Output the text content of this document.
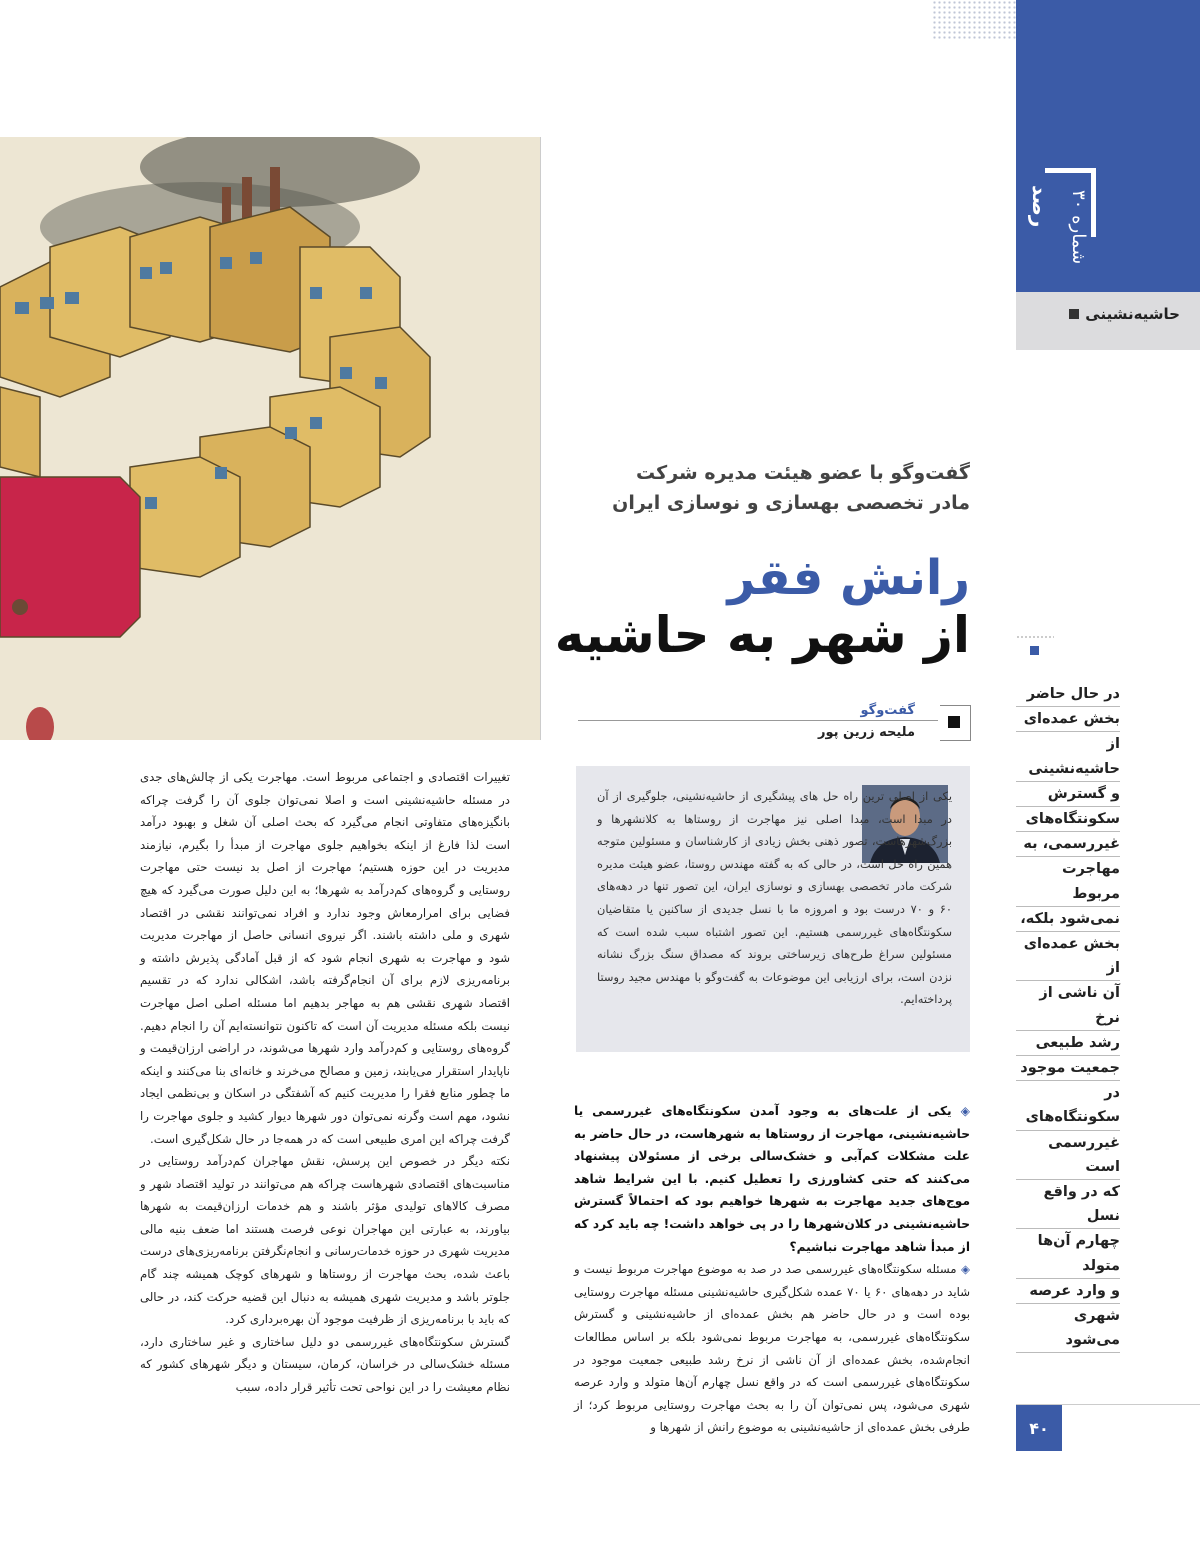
رصد شماره ۳۰
حاشیه‌نشینی
گفت‌وگو با عضو هیئت مدیره شرکت
مادر تخصصی بهسازی و نوسازی ایران
رانش فقر
از شهر به حاشیه
گفت‌وگو
ملیحه زرین پور
در حال حاضر
بخش عمده‌ای
از حاشیه‌نشینی
و گسترش
سکونتگاه‌های
غیررسمی، به
مهاجرت مربوط
نمی‌شود بلکه،
بخش عمده‌ای از
آن ناشی از نرخ
رشد طبیعی
جمعیت موجود
در سکونتگاه‌های
غیررسمی است
که در واقع نسل
چهارم آن‌ها متولد
و وارد عرصه
شهری می‌شود

یکی از اصلی ترین راه حل های پیشگیری از حاشیه‌نشینی، جلوگیری از آن در مبدا است، مبدا اصلی نیز مهاجرت از روستاها به کلانشهرها و بزرگ‌شهرهاست، تصور ذهنی بخش زیادی از کارشناسان و مسئولین متوجه همین راه حل است، در حالی که به گفته مهندس روستا، عضو هیئت مدیره شرکت مادر تخصصی بهسازی و نوسازی ایران، این تصور تنها در دهه‌های ۶۰ و ۷۰ درست بود و امروزه ما با نسل جدیدی از ساکنین یا متقاضیان سکونتگاه‌های غیررسمی هستیم. این تصور اشتباه سبب شده است که مسئولین سراغ طرح‌های زیرساختی بروند که مصداق سنگ بزرگ نشانه نزدن است، برای ارزیابی این موضوعات به گفت‌وگو با مهندس مجید روستا پرداخته‌ایم.

◈ یکی از علت‌های به وجود آمدن سکونتگاه‌های غیررسمی یا حاشیه‌نشینی، مهاجرت از روستاها به شهرهاست، در حال حاضر به علت مشکلات کم‌آبی و خشک‌سالی برخی از مسئولان پیشنهاد می‌کنند که حتی کشاورزی را تعطیل کنیم. با این شرایط شاهد موج‌های جدید مهاجرت به شهرها خواهیم بود که احتمالاً گسترش حاشیه‌نشینی در کلان‌شهرها را در پی خواهد داشت! چه باید کرد که از مبدأ شاهد مهاجرت نباشیم؟
◈ مسئله سکونتگاه‌های غیررسمی صد در صد به موضوع مهاجرت مربوط نیست و شاید در دهه‌های ۶۰ یا ۷۰ عمده شکل‌گیری حاشیه‌نشینی مسئله مهاجرت روستایی بوده است و در حال حاضر هم بخش عمده‌ای از حاشیه‌نشینی و گسترش سکونتگاه‌های غیررسمی، به مهاجرت مربوط نمی‌شود بلکه بر اساس مطالعات انجام‌شده، بخش عمده‌ای از آن ناشی از نرخ رشد طبیعی جمعیت موجود در سکونتگاه‌های غیررسمی است که در واقع نسل چهارم آن‌ها متولد و وارد عرصه شهری می‌شود، پس نمی‌توان آن را به بحث مهاجرت روستایی مربوط کرد؛ از طرفی بخش عمده‌ای از حاشیه‌نشینی به موضوع رانش از شهرها و
تغییرات اقتصادی و اجتماعی مربوط است. مهاجرت یکی از چالش‌های جدی در مسئله حاشیه‌نشینی است و اصلا نمی‌توان جلوی آن را گرفت چراکه بانگیزه‌های متفاوتی انجام می‌گیرد که بحث اصلی آن شغل و بهبود درآمد است لذا فارغ از اینکه بخواهیم جلوی مهاجرت از مبدأ را بگیرم، نیازمند مدیریت در این حوزه هستیم؛ مهاجرت از اصل بد نیست حتی مهاجرت روستایی و گروه‌های کم‌درآمد به شهرها؛ به این دلیل صورت می‌گیرد که هیچ فضایی برای امرارمعاش وجود ندارد و افراد نمی‌توانند نقشی در اقتصاد شهری و ملی داشته باشند. اگر نیروی انسانی حاصل از مهاجرت مدیریت شود و مهاجرت به شهری انجام شود که از قبل آمادگی پذیرش داشته و برنامه‌ریزی لازم برای آن انجام‌گرفته باشد، اشکالی ندارد که در تقسیم اقتصاد شهری نقشی هم به مهاجر بدهیم اما مسئله اصلی اصل مهاجرت نیست بلکه مسئله مدیریت آن است که تاکنون نتوانسته‌ایم آن را انجام دهیم. گروه‌های روستایی و کم‌درآمد وارد شهرها می‌شوند، در اراضی ارزان‌قیمت و ناپایدار استقرار می‌یابند، زمین و مصالح می‌خرند و خانه‌ای بنا می‌کنند و اینکه ما چطور منابع فقرا را مدیریت کنیم که آشفتگی در اسکان و بی‌نظمی ایجاد نشود، مهم است وگرنه نمی‌توان دور شهرها دیوار کشید و جلوی مهاجرت را گرفت چراکه این امری طبیعی است که در همه‌جا در حال شکل‌گیری است.
نکته دیگر در خصوص این پرسش، نقش مهاجران کم‌درآمد روستایی در مناسبت‌های اقتصادی شهرهاست چراکه هم می‌توانند در تولید اقتصاد شهر و مصرف کالاهای تولیدی مؤثر باشند و هم خدمات ارزان‌قیمت به شهرها بیاورند، به عبارتی این مهاجران نوعی فرصت هستند اما ضعف بنیه مالی مدیریت شهری در حوزه خدمات‌رسانی و انجام‌نگرفتن برنامه‌ریزی‌های درست باعث شده، بحث مهاجرت از روستاها و شهرهای کوچک همیشه چند گام جلوتر باشد و مدیریت شهری همیشه به دنبال این قضیه حرکت کند، در حالی که باید با برنامه‌ریزی از ظرفیت موجود آن بهره‌برداری کرد.
گسترش سکونتگاه‌های غیررسمی دو دلیل ساختاری و غیر ساختاری دارد، مسئله خشک‌سالی در خراسان، کرمان، سیستان و دیگر شهرهای کشور که نظام معیشت را در این نواحی تحت تأثیر قرار داده، سبب
۴۰
